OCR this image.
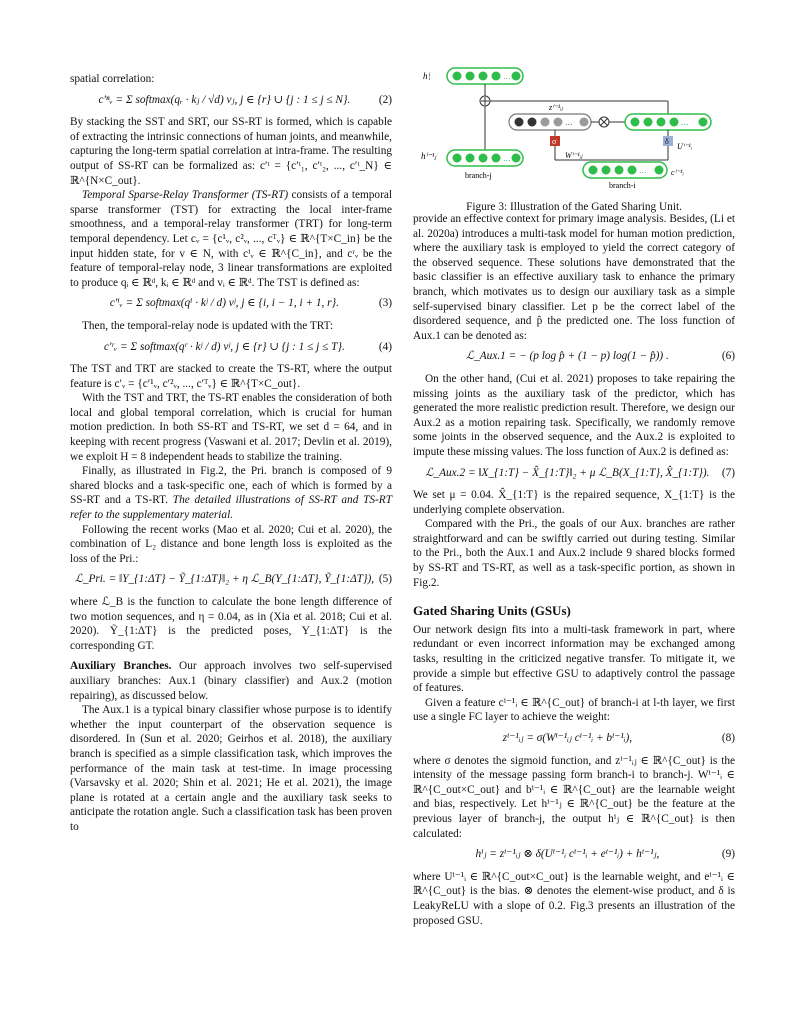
spatial correlation:

c′ⁿᵥ = Σ softmax(qᵣ · kⱼ / √d) vⱼ, j ∈ {r} ∪ {j : 1 ≤ j ≤ N}.	(2)

By stacking the SST and SRT, our SS-RT is formed, which is capable of extracting the intrinsic connections of human joints, and meanwhile, capturing the long-term spatial correlation at intra-frame. The resulting output of SS-RT can be formalized as: c′ᵗ = {c′ᵗ₁, c′ᵗ₂, ..., c′ᵗ_N} ∈ ℝ^{N×C_out}.

Temporal Sparse-Relay Transformer (TS-RT) consists of a temporal sparse transformer (TST) for extracting the local inter-frame smoothness, and a temporal-relay transformer (TRT) for long-term temporal dependency. Let cᵥ = {c¹ᵥ, c²ᵥ, ..., cᵀᵥ} ∈ ℝ^{T×C_in} be the input hidden state, for v ∈ N, with cⁱᵥ ∈ ℝ^{C_in}, and cʳᵥ be the feature of temporal-relay node, 3 linear transformations are exploited to produce qᵢ ∈ ℝᵈ, kᵢ ∈ ℝᵈ and vᵢ ∈ ℝᵈ. The TST is defined as:

c′ⁱᵥ = Σ softmax(qⁱ · kʲ / d) vʲ, j ∈ {i, i − 1, i + 1, r}.	(3)

Then, the temporal-relay node is updated with the TRT:

c′ʳᵥ = Σ softmax(qʳ · kʲ / d) vʲ, j ∈ {r} ∪ {j : 1 ≤ j ≤ T}.	(4)

The TST and TRT are stacked to create the TS-RT, where the output feature is c′ᵥ = {c′¹ᵥ, c′²ᵥ, ..., c′ᵀᵥ} ∈ ℝ^{T×C_out}.

With the TST and TRT, the TS-RT enables the consideration of both local and global temporal correlation, which is crucial for human motion prediction. In both SS-RT and TS-RT, we set d = 64, and in keeping with recent progress (Vaswani et al. 2017; Devlin et al. 2019), we exploit H = 8 independent heads to stabilize the training.

Finally, as illustrated in Fig.2, the Pri. branch is composed of 9 shared blocks and a task-specific one, each of which is formed by a SS-RT and a TS-RT. The detailed illustrations of SS-RT and TS-RT refer to the supplementary material.

Following the recent works (Mao et al. 2020; Cui et al. 2020), the combination of L₂ distance and bone length loss is exploited as the loss of the Pri.:

ℒ_Pri. = ‖Y_{1:ΔT} − Ỹ_{1:ΔT}‖₂ + η ℒ_B(Y_{1:ΔT}, Ỹ_{1:ΔT}), (5)

where ℒ_B is the function to calculate the bone length difference of two motion sequences, and η = 0.04, as in (Xia et al. 2018; Cui et al. 2020). Ỹ_{1:ΔT} is the predicted poses, Y_{1:ΔT} is the corresponding GT.

Auxiliary Branches. Our approach involves two self-supervised auxiliary branches: Aux.1 (binary classifier) and Aux.2 (motion repairing), as discussed below.

The Aux.1 is a typical binary classifier whose purpose is to identify whether the input counterpart of the observation sequence is disordered. In (Sun et al. 2020; Geirhos et al. 2018), the auxiliary branch is specified as a simple classification task, which improves the performance of the main task at test-time. In image processing (Varsavsky et al. 2020; Shin et al. 2021; He et al. 2021), the image plane is rotated at a certain angle and the auxiliary task seeks to anticipate the rotation angle. Such a classification task has been proven to

hⁱᵢ	...
zⁱ⁻¹ᵢⱼ
...	...
σ
Wⁱ⁻¹ᵢⱼ
δ
Uⁱ⁻¹ᵢ
hⁱ⁻¹ⱼ	...
branch-j
...	cⁱ⁻¹ᵢ
branch-i
Figure 3: Illustration of the Gated Sharing Unit.

provide an effective context for primary image analysis. Besides, (Li et al. 2020a) introduces a multi-task model for human motion prediction, where the auxiliary task is employed to yield the correct category of the observed sequence. These solutions have demonstrated that the basic classifier is an effective auxiliary task to enhance the primary branch, which motivates us to design our auxiliary task as a simple self-supervised binary classifier. Let p be the correct label of the disordered sequence, and p̂ the predicted one. The loss function of Aux.1 can be denoted as:

ℒ_Aux.1 = − (p log p̂ + (1 − p) log(1 − p̂)) .	(6)

On the other hand, (Cui et al. 2021) proposes to take repairing the missing joints as the auxiliary task of the predictor, which has generated the more realistic prediction result. Therefore, we design our Aux.2 as a motion repairing task. Specifically, we randomly remove some joints in the observed sequence, and the Aux.2 is exploited to impute these missing values. The loss function of Aux.2 is defined as:

ℒ_Aux.2 = ‖X_{1:T} − X̂_{1:T}‖₂ + μ ℒ_B(X_{1:T}, X̂_{1:T}).	(7)

We set μ = 0.04. X̂_{1:T} is the repaired sequence, X_{1:T} is the underlying complete observation.

Compared with the Pri., the goals of our Aux. branches are rather straightforward and can be swiftly carried out during testing. Similar to the Pri., both the Aux.1 and Aux.2 include 9 shared blocks formed by SS-RT and TS-RT, as well as a task-specific portion, as shown in Fig.2.

Gated Sharing Units (GSUs)

Our network design fits into a multi-task framework in part, where redundant or even incorrect information may be exchanged among tasks, resulting in the criticized negative transfer. To mitigate it, we provide a simple but effective GSU to adaptively control the passage of features.

Given a feature cⁱ⁻¹ᵢ ∈ ℝ^{C_out} of branch-i at l-th layer, we first use a single FC layer to achieve the weight:

zⁱ⁻¹ᵢⱼ = σ(Wⁱ⁻¹ᵢⱼ cⁱ⁻¹ᵢ + bⁱ⁻¹ᵢ),	(8)

where σ denotes the sigmoid function, and zⁱ⁻¹ᵢⱼ ∈ ℝ^{C_out} is the intensity of the message passing form branch-i to branch-j. Wⁱ⁻¹ᵢ ∈ ℝ^{C_out×C_out} and bⁱ⁻¹ᵢ ∈ ℝ^{C_out} are the learnable weight and bias, respectively. Let hⁱ⁻¹ⱼ ∈ ℝ^{C_out} be the feature at the previous layer of branch-j, the output hⁱⱼ ∈ ℝ^{C_out} is then calculated:

hⁱⱼ = zⁱ⁻¹ᵢⱼ ⊗ δ(Uⁱ⁻¹ᵢ cⁱ⁻¹ᵢ + eⁱ⁻¹ᵢ) + hⁱ⁻¹ⱼ,	(9)

where Uⁱ⁻¹ᵢ ∈ ℝ^{C_out×C_out} is the learnable weight, and eⁱ⁻¹ᵢ ∈ ℝ^{C_out} is the bias. ⊗ denotes the element-wise product, and δ is LeakyReLU with a slope of 0.2. Fig.3 presents an illustration of the proposed GSU.
